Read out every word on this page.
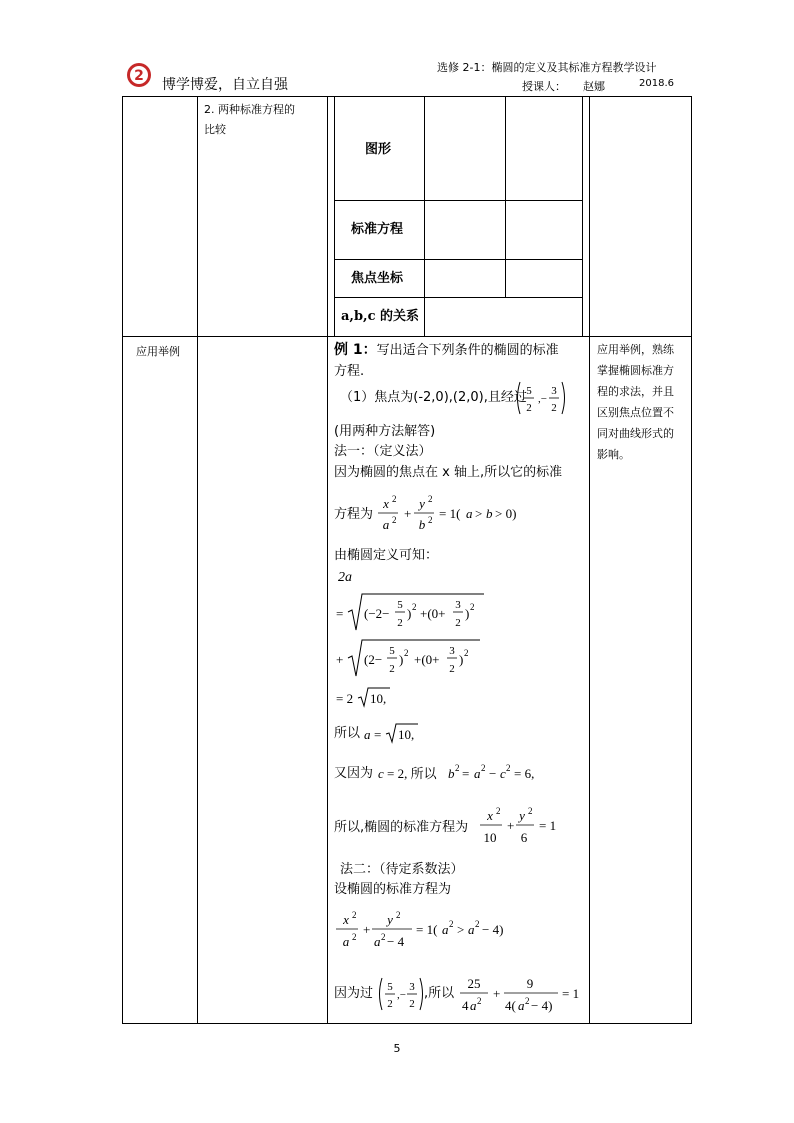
2
博学博爱，自立自强
选修 2-1：椭圆的定义及其标准方程教学设计
授课人： 赵娜	2018.6
2. 两种标准方程的
比较
图形
标准方程
焦点坐标
a,b,c 的关系
应用举例	应用举例，熟练
掌握椭圆标准方
程的求法，并且
区别焦点位置不
同对曲线形式的
影响。
例 1：写出适合下列条件的椭圆的标准
方程.
（1）焦点为(-2,0),(2,0),且经过 5
2
,−
3
2
(用两种方法解答)
法一：（定义法）
因为椭圆的焦点在 x 轴上,所以它的标准
方程为
x 2
a 2 +
y 2
b 2 = 1( a > b > 0)
由椭圆定义可知：
2a
= (−2−
5
2
) 2 +(0+
3
2
) 2
+ (2−
5
2
) 2 +(0+
3
2
) 2
= 2 10,
所以 a = 10,
又因为 c = 2, 所以 b 2 = a 2 − c 2 = 6,
所以,椭圆的标准方程为
x 2
10
+
y 2
6
= 1
法二：（待定系数法）
设椭圆的标准方程为
x 2
a 2 +
y 2
a 2 − 4
= 1( a 2 > a 2 − 4)
因为过 5
2
,−
3
2
,所以
25
4 a 2 +
9
4( a 2 − 4)
= 1
5
